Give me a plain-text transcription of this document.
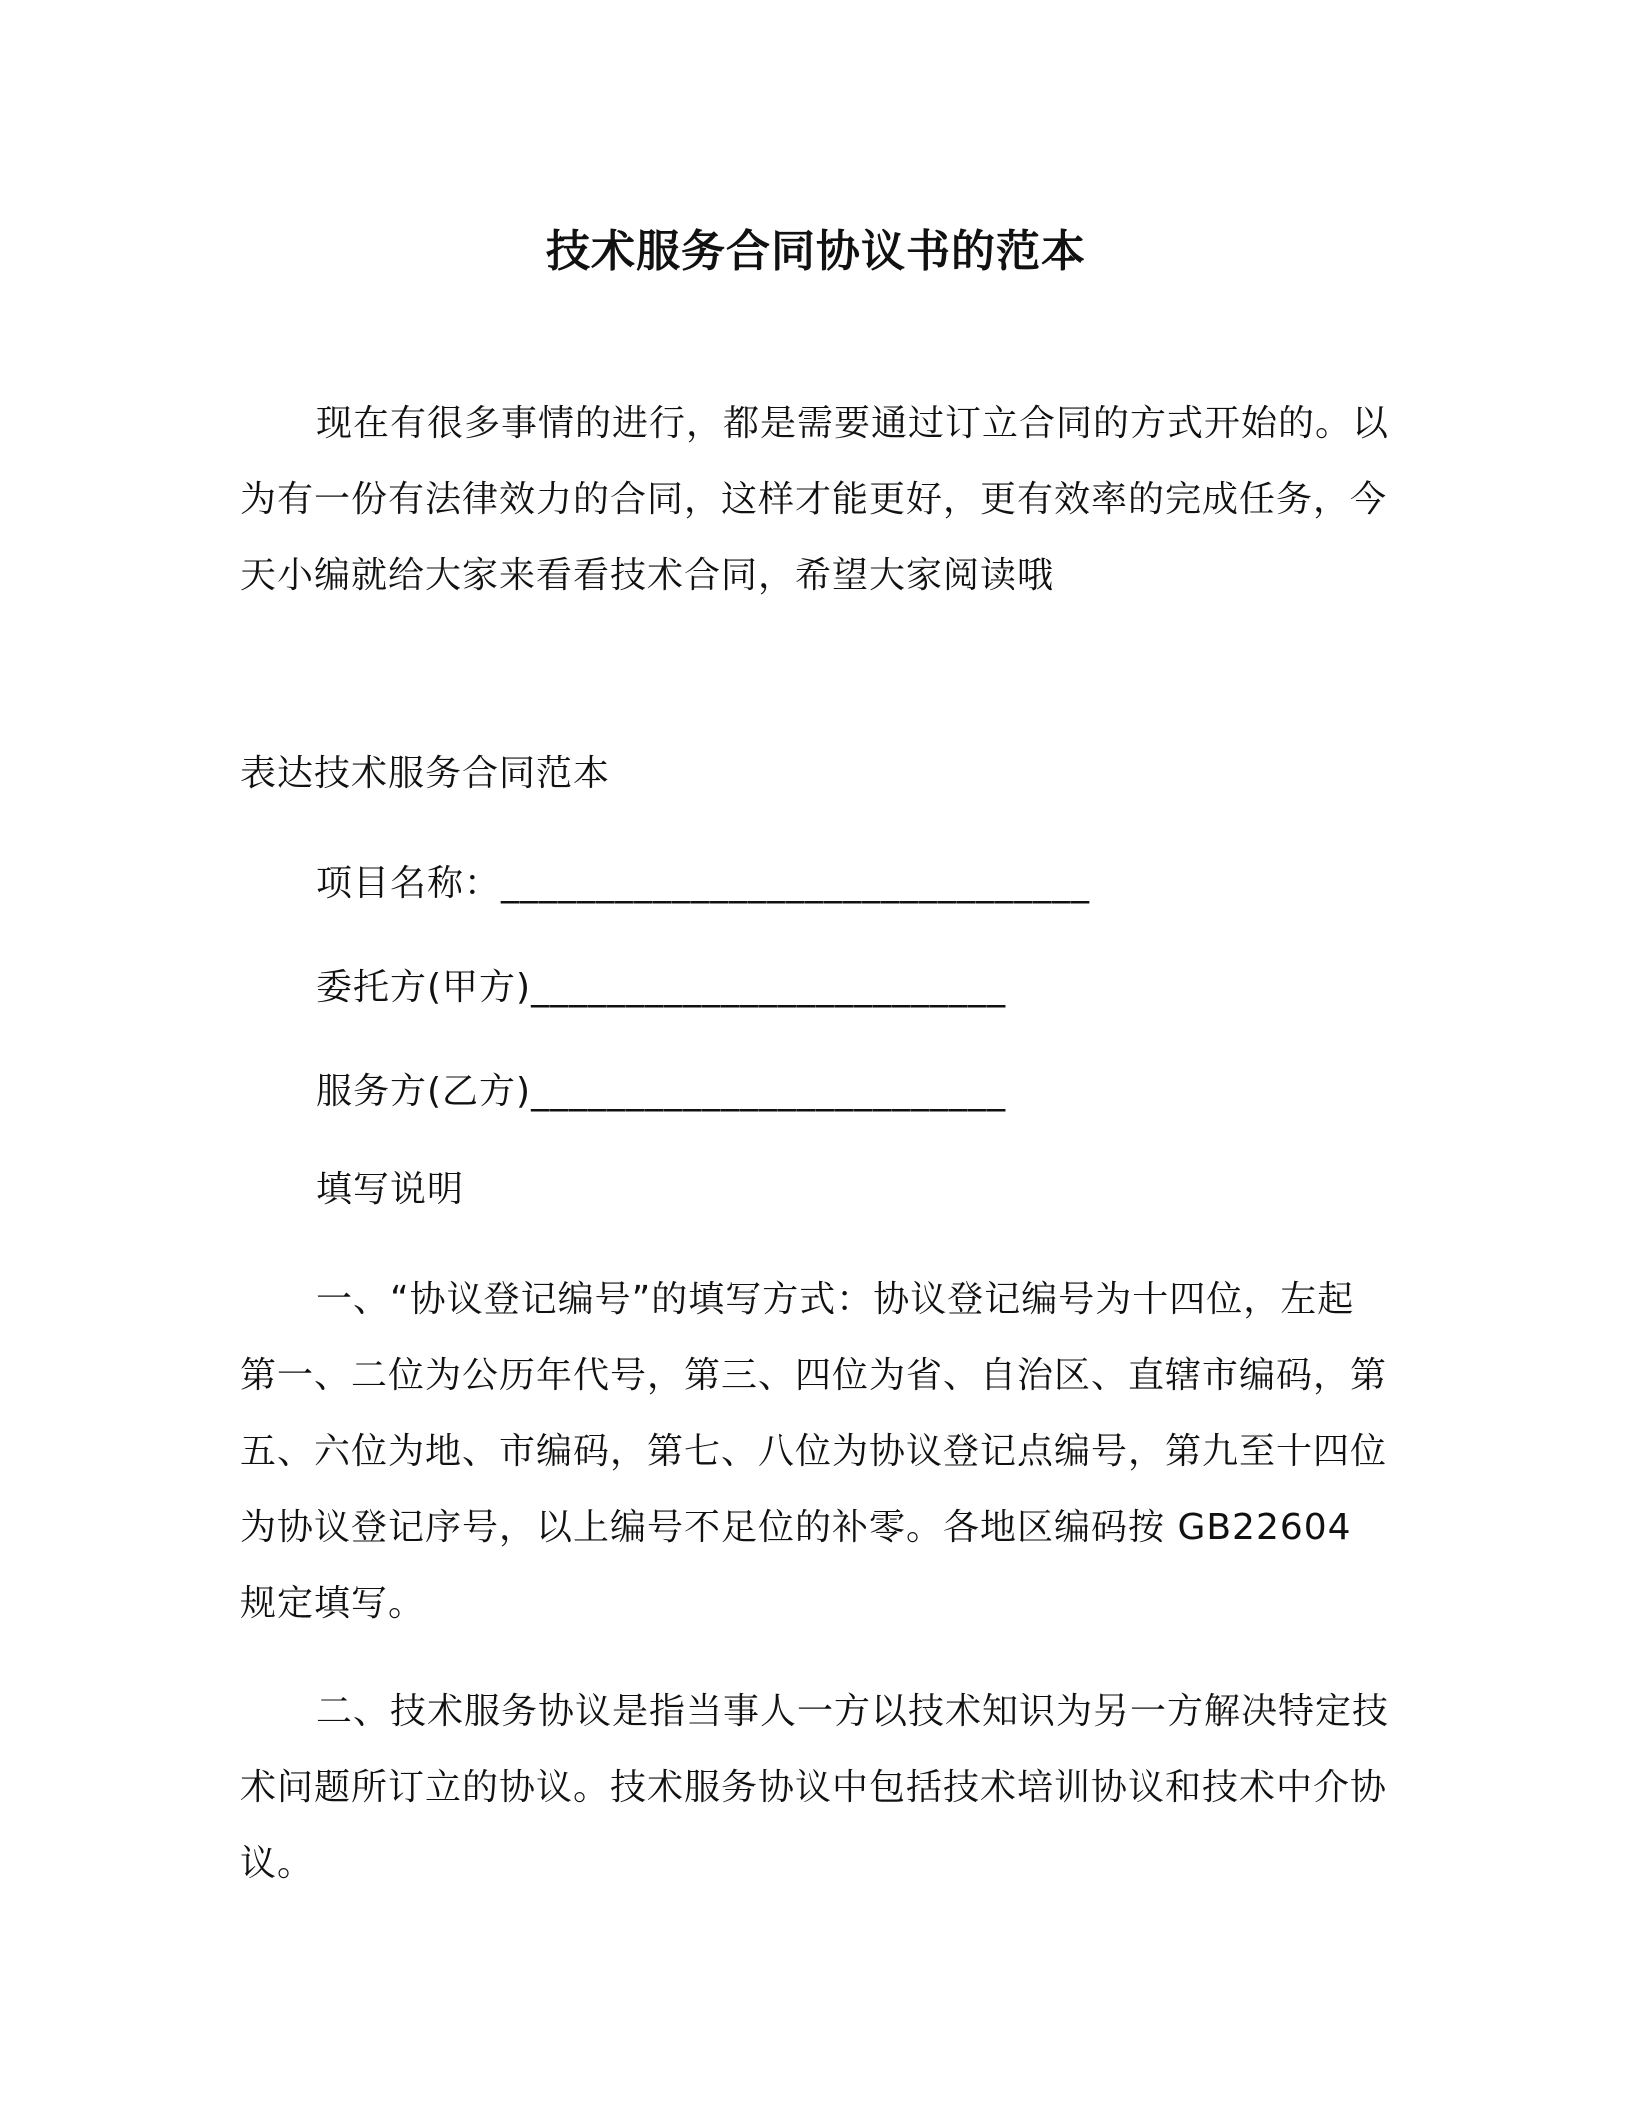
技术服务合同协议书的范本

现在有很多事情的进行，都是需要通过订立合同的方式开始的。以为有一份有法律效力的合同，这样才能更好，更有效率的完成任务，今天小编就给大家来看看技术合同，希望大家阅读哦

表达技术服务合同范本
项目名称：_______________________________
委托方(甲方)_________________________
服务方(乙方)_________________________
填写说明

一、“协议登记编号”的填写方式：协议登记编号为十四位，左起第一、二位为公历年代号，第三、四位为省、自治区、直辖市编码，第五、六位为地、市编码，第七、八位为协议登记点编号，第九至十四位为协议登记序号，以上编号不足位的补零。各地区编码按 GB22604 规定填写。

二、技术服务协议是指当事人一方以技术知识为另一方解决特定技术问题所订立的协议。技术服务协议中包括技术培训协议和技术中介协议。
